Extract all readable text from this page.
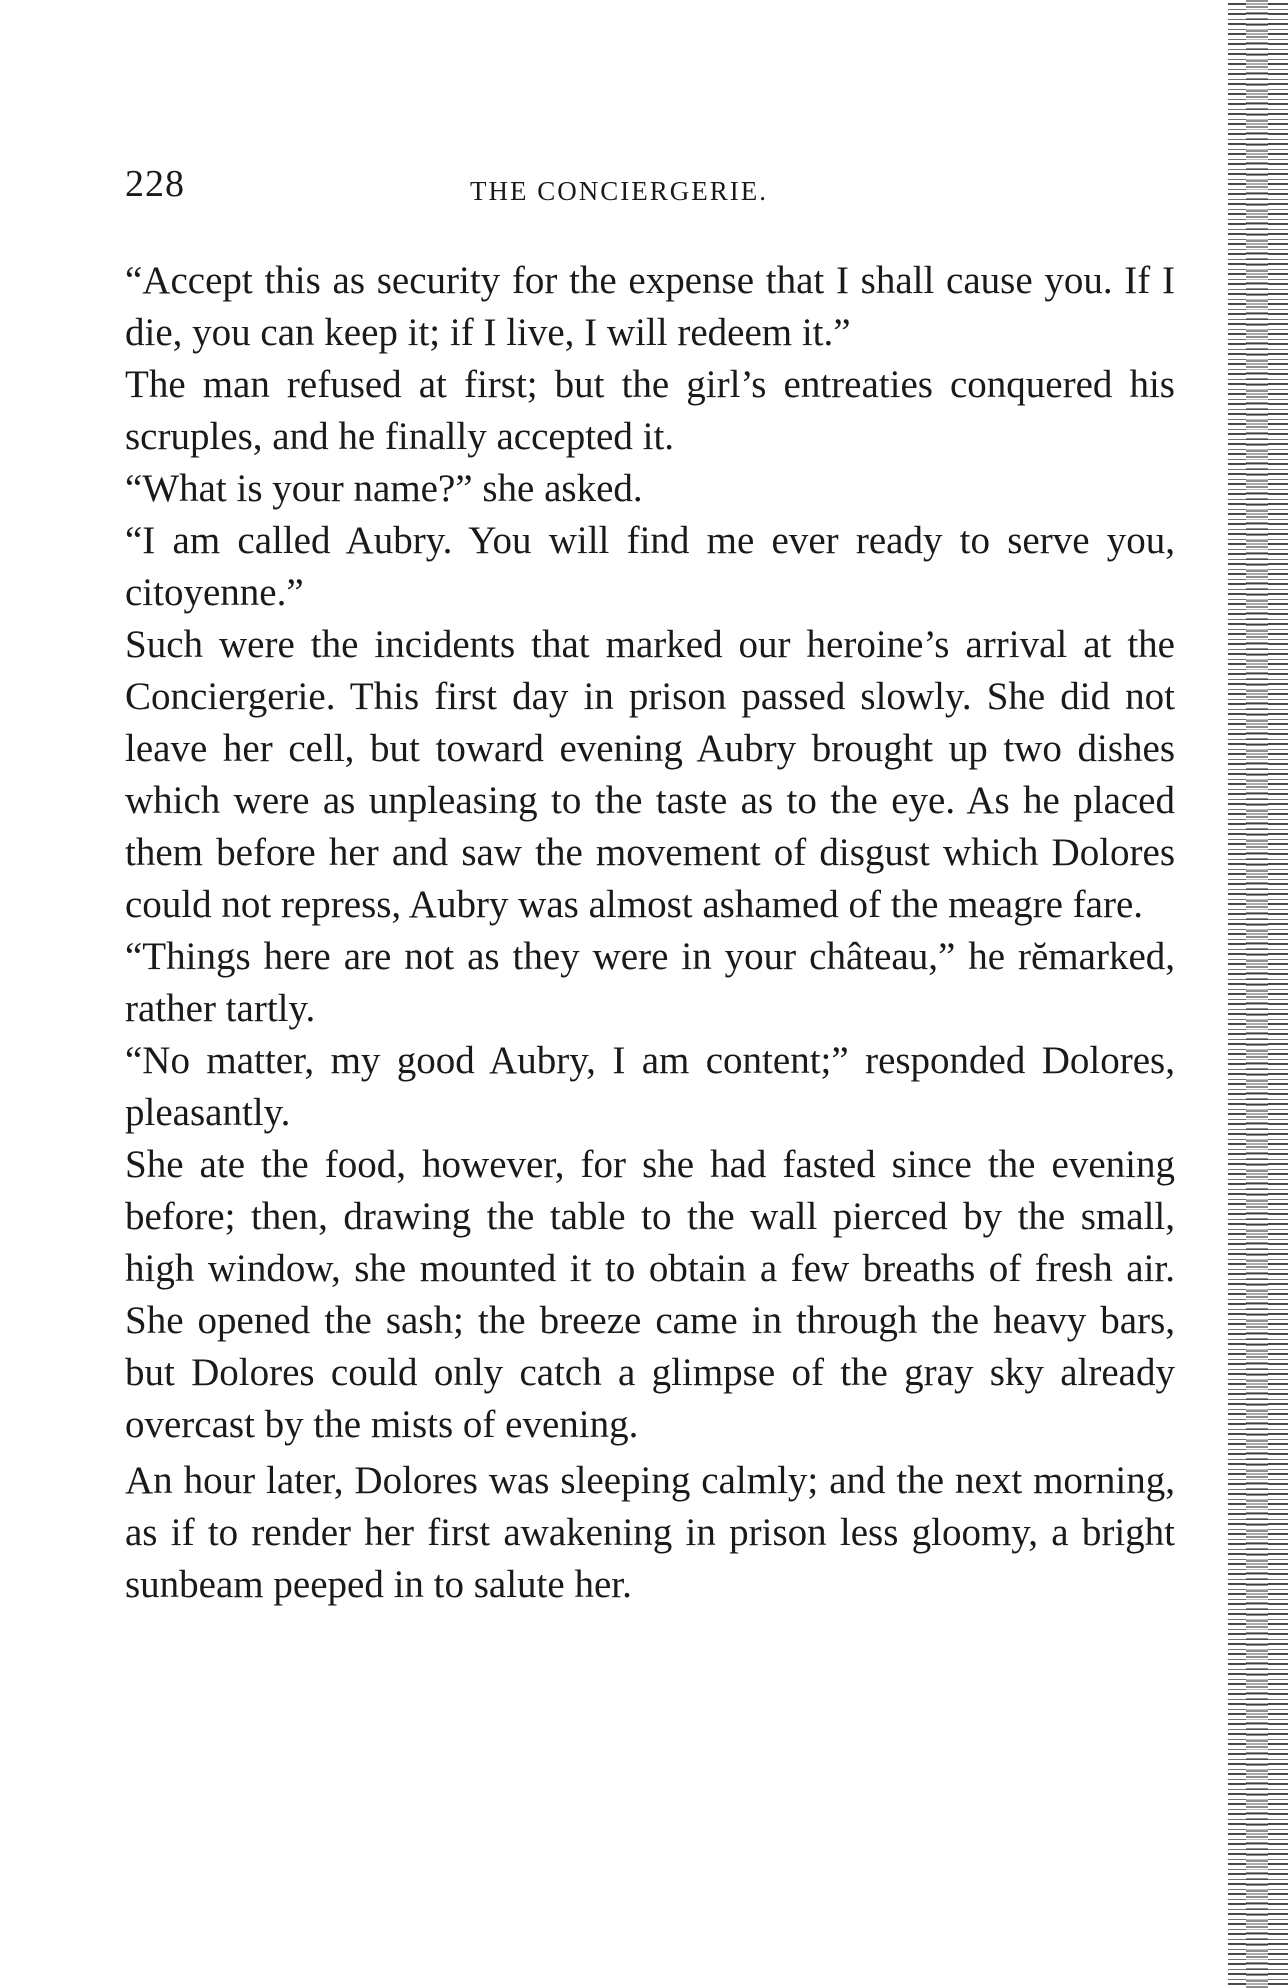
228	THE CONCIERGERIE.

“Accept this as security for the expense that I shall cause you. If I die, you can keep it; if I live, I will redeem it.”

The man refused at first; but the girl’s entreaties conquered his scruples, and he finally accepted it.

“What is your name?” she asked.

“I am called Aubry. You will find me ever ready to serve you, citoyenne.”

Such were the incidents that marked our heroine’s arrival at the Conciergerie. This first day in prison passed slowly. She did not leave her cell, but toward evening Aubry brought up two dishes which were as unpleasing to the taste as to the eye. As he placed them before her and saw the movement of disgust which Dolores could not repress, Aubry was almost ashamed of the meagre fare.

“Things here are not as they were in your château,” he rĕmarked, rather tartly.

“No matter, my good Aubry, I am content;” responded Dolores, pleasantly.

She ate the food, however, for she had fasted since the evening before; then, drawing the table to the wall pierced by the small, high window, she mounted it to obtain a few breaths of fresh air. She opened the sash; the breeze came in through the heavy bars, but Dolores could only catch a glimpse of the gray sky already overcast by the mists of evening.

An hour later, Dolores was sleeping calmly; and the next morning, as if to render her first awakening in prison less gloomy, a bright sunbeam peeped in to salute her.
